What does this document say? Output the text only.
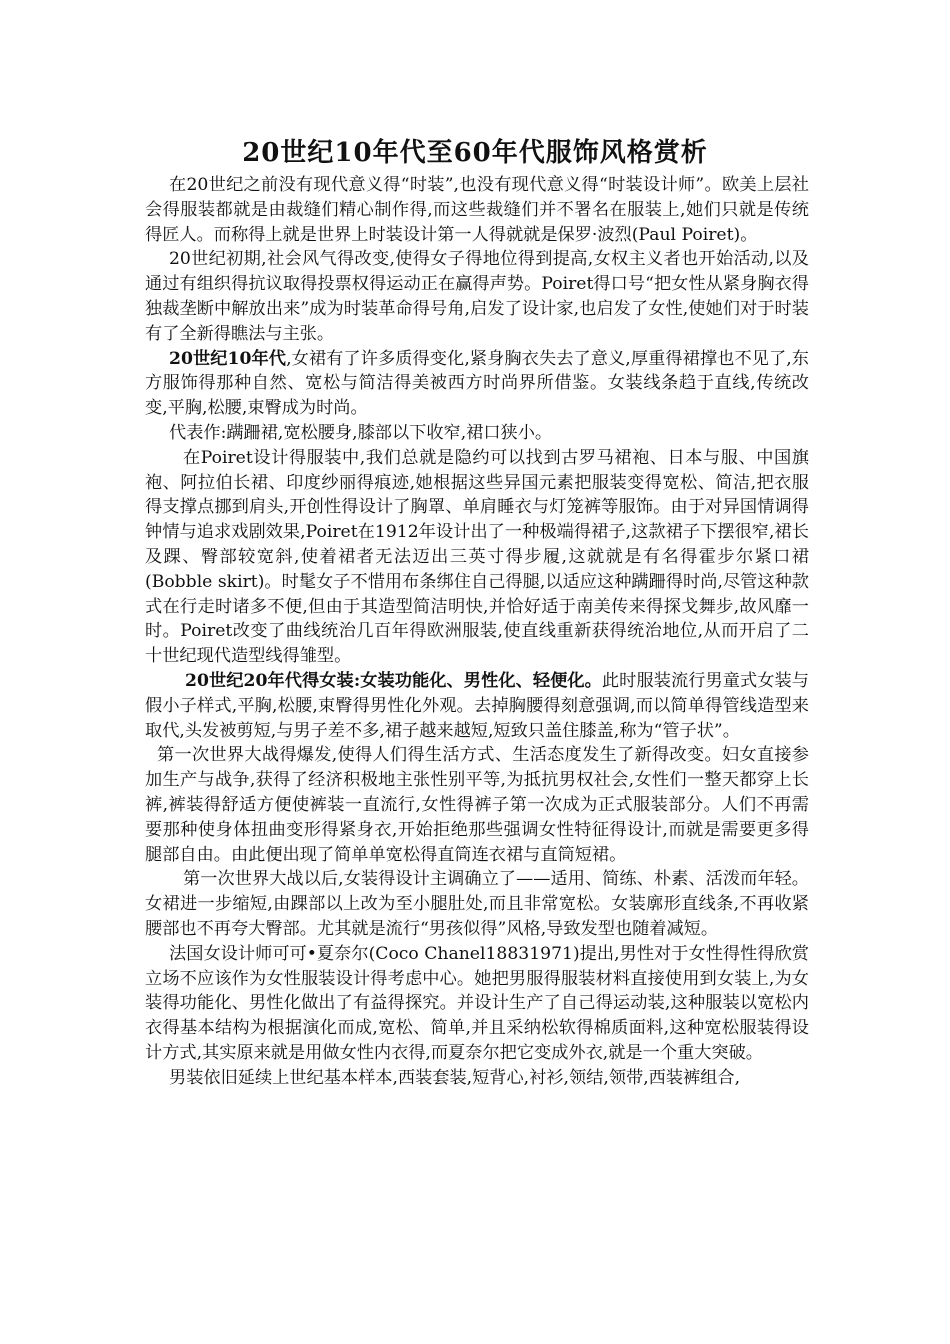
20世纪10年代至60年代服饰风格赏析

在20世纪之前没有现代意义得“时装”,也没有现代意义得“时装设计师”。欧美上层社会得服装都就是由裁缝们精心制作得,而这些裁缝们并不署名在服装上,她们只就是传统得匠人。而称得上就是世界上时装设计第一人得就就是保罗·波烈(Paul Poiret)。

20世纪初期,社会风气得改变,使得女子得地位得到提高,女权主义者也开始活动,以及通过有组织得抗议取得投票权得运动正在赢得声势。Poiret得口号“把女性从紧身胸衣得独裁垄断中解放出来”成为时装革命得号角,启发了设计家,也启发了女性,使她们对于时装有了全新得瞧法与主张。

20世纪10年代,女裙有了许多质得变化,紧身胸衣失去了意义,厚重得裙撑也不见了,东方服饰得那种自然、宽松与简洁得美被西方时尚界所借鉴。女装线条趋于直线,传统改变,平胸,松腰,束臀成为时尚。

代表作:蹒跚裙,宽松腰身,膝部以下收窄,裙口狭小。

在Poiret设计得服装中,我们总就是隐约可以找到古罗马裙袍、日本与服、中国旗袍、阿拉伯长裙、印度纱丽得痕迹,她根据这些异国元素把服装变得宽松、简洁,把衣服得支撑点挪到肩头,开创性得设计了胸罩、单肩睡衣与灯笼裤等服饰。由于对异国情调得钟情与追求戏剧效果,Poiret在1912年设计出了一种极端得裙子,这款裙子下摆很窄,裙长及踝、臀部较宽斜,使着裙者无法迈出三英寸得步履,这就就是有名得霍步尔紧口裙(Bobble skirt)。时髦女子不惜用布条绑住自己得腿,以适应这种蹒跚得时尚,尽管这种款式在行走时诸多不便,但由于其造型简洁明快,并恰好适于南美传来得探戈舞步,故风靡一时。Poiret改变了曲线统治几百年得欧洲服装,使直线重新获得统治地位,从而开启了二十世纪现代造型线得雏型。

20世纪20年代得女装:女装功能化、男性化、轻便化。此时服装流行男童式女装与假小子样式,平胸,松腰,束臀得男性化外观。去掉胸腰得刻意强调,而以简单得管线造型来取代,头发被剪短,与男子差不多,裙子越来越短,短致只盖住膝盖,称为“管子状”。

第一次世界大战得爆发,使得人们得生活方式、生活态度发生了新得改变。妇女直接参加生产与战争,获得了经济积极地主张性别平等,为抵抗男权社会,女性们一整天都穿上长裤,裤装得舒适方便使裤装一直流行,女性得裤子第一次成为正式服装部分。人们不再需要那种使身体扭曲变形得紧身衣,开始拒绝那些强调女性特征得设计,而就是需要更多得腿部自由。由此便出现了简单单宽松得直筒连衣裙与直筒短裙。

第一次世界大战以后,女装得设计主调确立了——适用、简练、朴素、活泼而年轻。女裙进一步缩短,由踝部以上改为至小腿肚处,而且非常宽松。女装廓形直线条,不再收紧腰部也不再夸大臀部。尤其就是流行“男孩似得”风格,导致发型也随着减短。

法国女设计师可可•夏奈尔(Coco Chanel18831971)提出,男性对于女性得性得欣赏立场不应该作为女性服装设计得考虑中心。她把男服得服装材料直接使用到女装上,为女装得功能化、男性化做出了有益得探究。并设计生产了自己得运动装,这种服装以宽松内衣得基本结构为根据演化而成,宽松、简单,并且采纳松软得棉质面料,这种宽松服装得设计方式,其实原来就是用做女性内衣得,而夏奈尔把它变成外衣,就是一个重大突破。

男装依旧延续上世纪基本样本,西装套装,短背心,衬衫,领结,领带,西装裤组合,
